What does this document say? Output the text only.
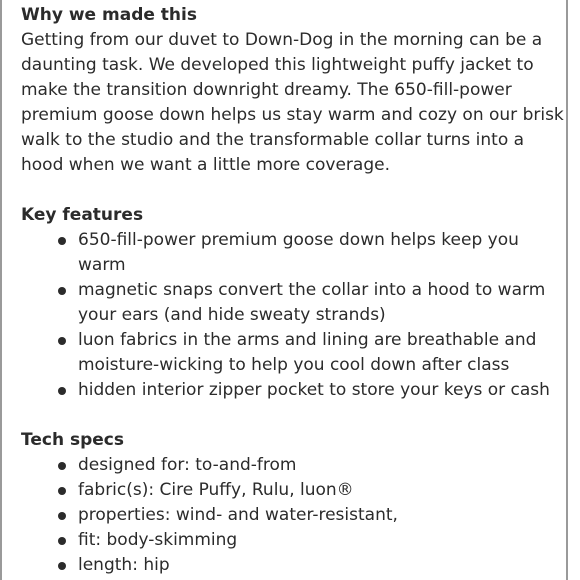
Why we made this
Getting from our duvet to Down-Dog in the morning can be a daunting task. We developed this lightweight puffy jacket to make the transition downright dreamy. The 650-fill-power premium goose down helps us stay warm and cozy on our brisk walk to the studio and the transformable collar turns into a hood when we want a little more coverage.
Key features
650-fill-power premium goose down helps keep you warm
magnetic snaps convert the collar into a hood to warm your ears (and hide sweaty strands)
luon fabrics in the arms and lining are breathable and moisture-wicking to help you cool down after class
hidden interior zipper pocket to store your keys or cash
Tech specs
designed for: to-and-from
fabric(s): Cire Puffy, Rulu, luon®
properties: wind- and water-resistant,
fit: body-skimming
length: hip
